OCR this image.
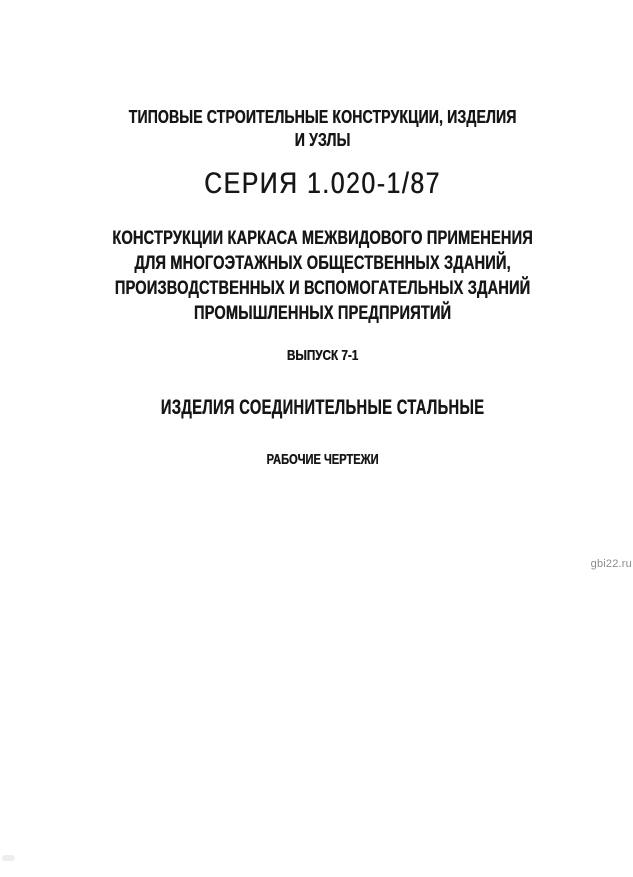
ТИПОВЫЕ СТРОИТЕЛЬНЫЕ КОНСТРУКЦИИ, ИЗДЕЛИЯ
И УЗЛЫ
СЕРИЯ 1.020-1/87
КОНСТРУКЦИИ КАРКАСА МЕЖВИДОВОГО ПРИМЕНЕНИЯ
ДЛЯ МНОГОЭТАЖНЫХ ОБЩЕСТВЕННЫХ ЗДАНИЙ,
ПРОИЗВОДСТВЕННЫХ И ВСПОМОГАТЕЛЬНЫХ ЗДАНИЙ
ПРОМЫШЛЕННЫХ ПРЕДПРИЯТИЙ
ВЫПУСК 7-1
ИЗДЕЛИЯ СОЕДИНИТЕЛЬНЫЕ СТАЛЬНЫЕ
РАБОЧИЕ ЧЕРТЕЖИ
gbi22.ru
